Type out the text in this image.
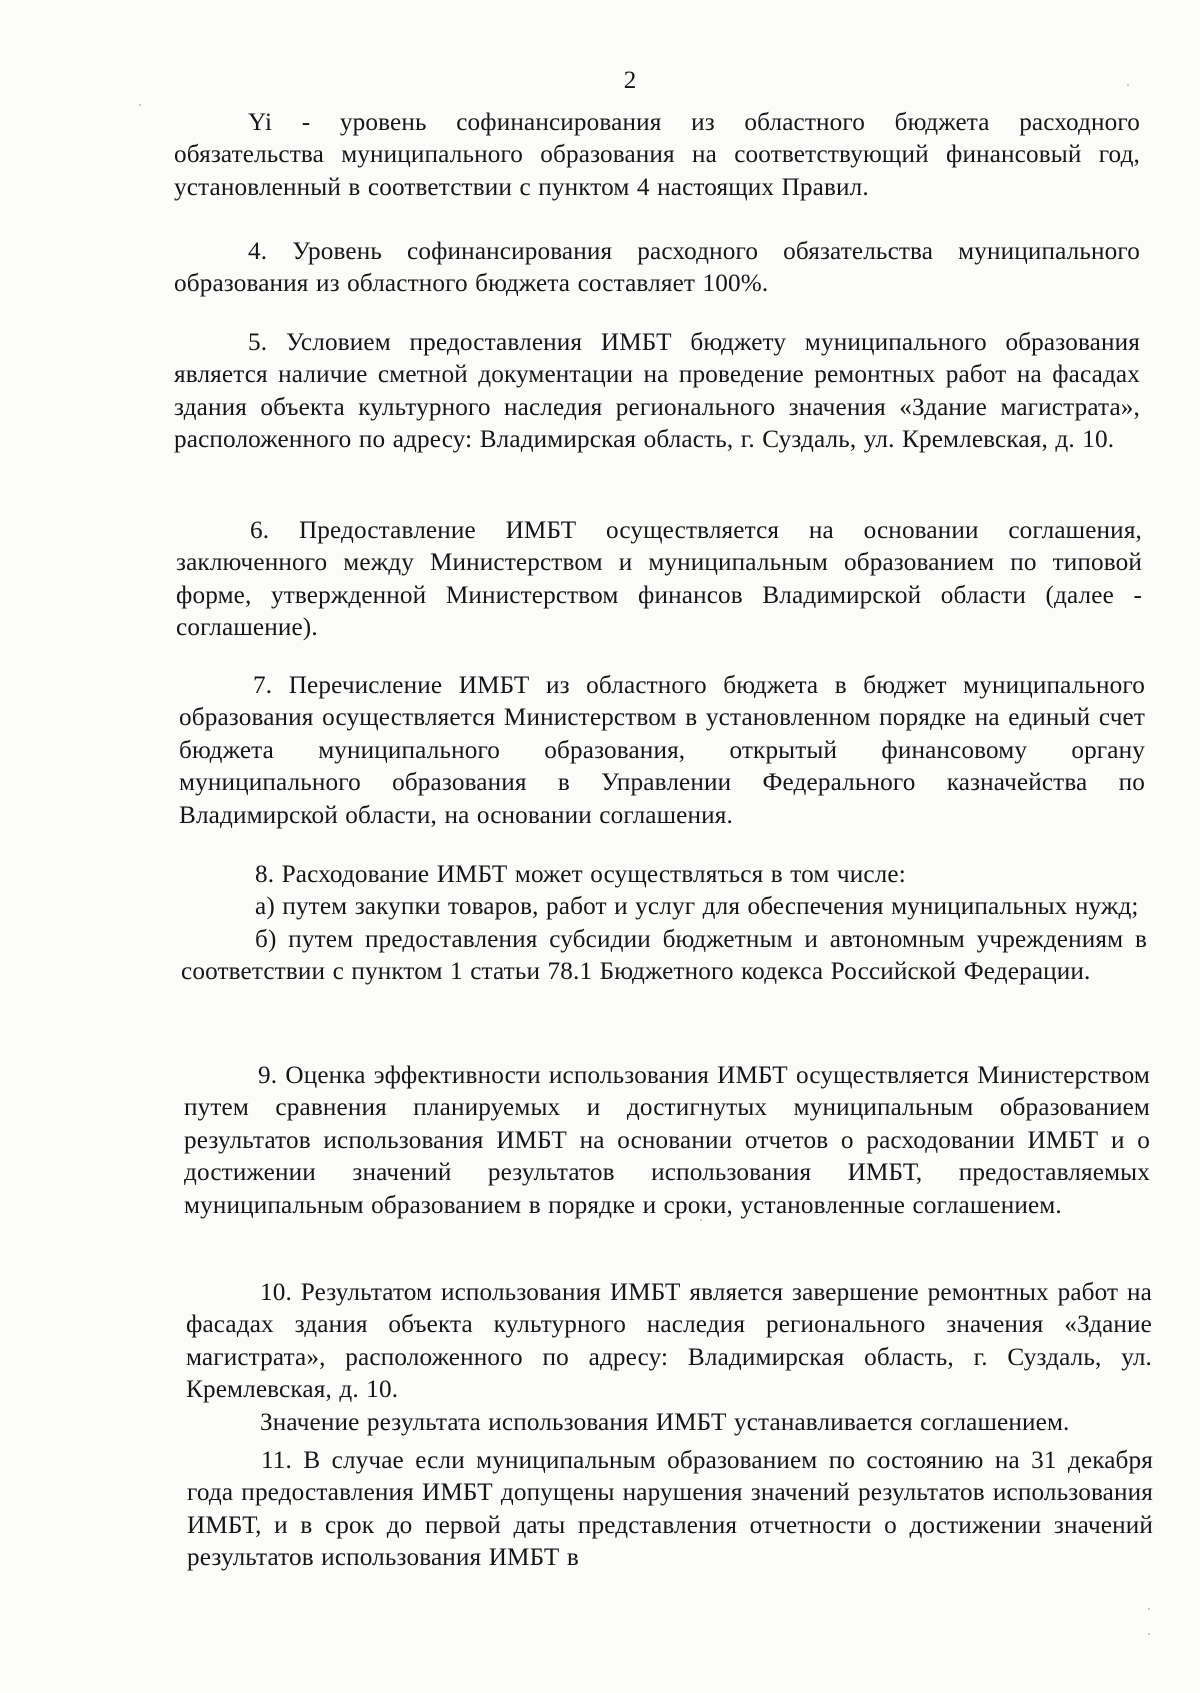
2

Yi - уровень софинансирования из областного бюджета расходного обязательства муниципального образования на соответствующий финансовый год, установленный в соответствии с пунктом 4 настоящих Правил.

4. Уровень софинансирования расходного обязательства муниципального образования из областного бюджета составляет 100%.

5. Условием предоставления ИМБТ бюджету муниципального образования является наличие сметной документации на проведение ремонтных работ на фасадах здания объекта культурного наследия регионального значения «Здание магистрата», расположенного по адресу: Владимирская область, г. Суздаль, ул. Кремлевская, д. 10.

6. Предоставление ИМБТ осуществляется на основании соглашения, заключенного между Министерством и муниципальным образованием по типовой форме, утвержденной Министерством финансов Владимирской области (далее - соглашение).

7. Перечисление ИМБТ из областного бюджета в бюджет муниципального образования осуществляется Министерством в установленном порядке на единый счет бюджета муниципального образования, открытый финансовому органу муниципального образования в Управлении Федерального казначейства по Владимирской области, на основании соглашения.

8. Расходование ИМБТ может осуществляться в том числе:

а) путем закупки товаров, работ и услуг для обеспечения муниципальных нужд;

б) путем предоставления субсидии бюджетным и автономным учреждениям в соответствии с пунктом 1 статьи 78.1 Бюджетного кодекса Российской Федерации.

9. Оценка эффективности использования ИМБТ осуществляется Министерством путем сравнения планируемых и достигнутых муниципальным образованием результатов использования ИМБТ на основании отчетов о расходовании ИМБТ и о достижении значений результатов использования ИМБТ, предоставляемых муниципальным образованием в порядке и сроки, установленные соглашением.

10. Результатом использования ИМБТ является завершение ремонтных работ на фасадах здания объекта культурного наследия регионального значения «Здание магистрата», расположенного по адресу: Владимирская область, г. Суздаль, ул. Кремлевская, д. 10.

Значение результата использования ИМБТ устанавливается соглашением.

11. В случае если муниципальным образованием по состоянию на 31 декабря года предоставления ИМБТ допущены нарушения значений результатов использования ИМБТ, и в срок до первой даты представления отчетности о достижении значений результатов использования ИМБТ в
